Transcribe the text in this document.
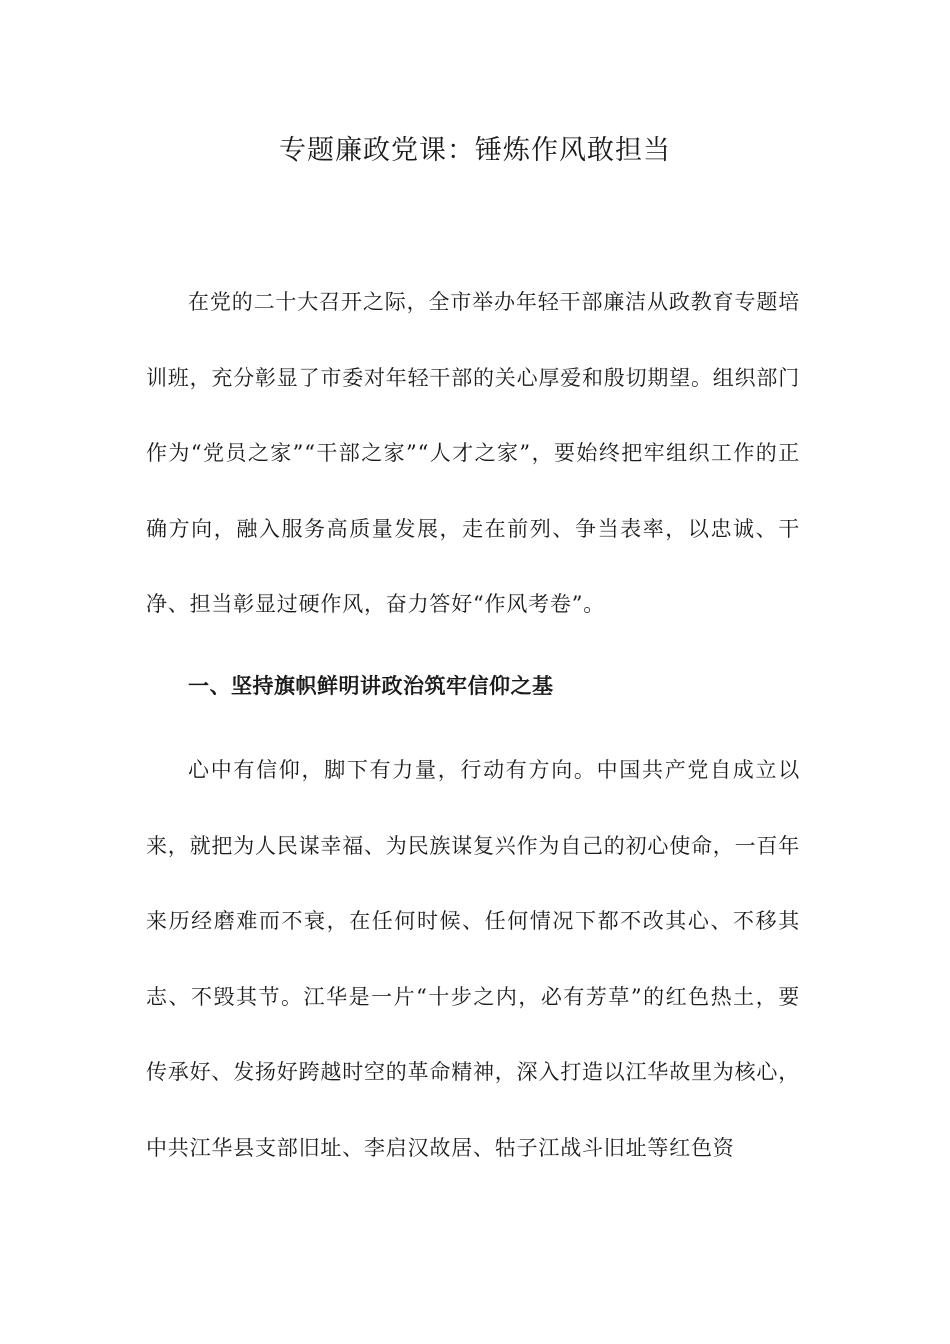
专题廉政党课：锤炼作风敢担当

在党的二十大召开之际，全市举办年轻干部廉洁从政教育专题培训班，充分彰显了市委对年轻干部的关心厚爱和殷切期望。组织部门作为“党员之家”“干部之家”“人才之家”，要始终把牢组织工作的正确方向，融入服务高质量发展，走在前列、争当表率，以忠诚、干净、担当彰显过硬作风，奋力答好“作风考卷”。

一、坚持旗帜鲜明讲政治筑牢信仰之基

心中有信仰，脚下有力量，行动有方向。中国共产党自成立以来，就把为人民谋幸福、为民族谋复兴作为自己的初心使命，一百年来历经磨难而不衰，在任何时候、任何情况下都不改其心、不移其志、不毁其节。江华是一片“十步之内，必有芳草”的红色热土，要传承好、发扬好跨越时空的革命精神，深入打造以江华故里为核心，中共江华县支部旧址、李启汉故居、牯子江战斗旧址等红色资
